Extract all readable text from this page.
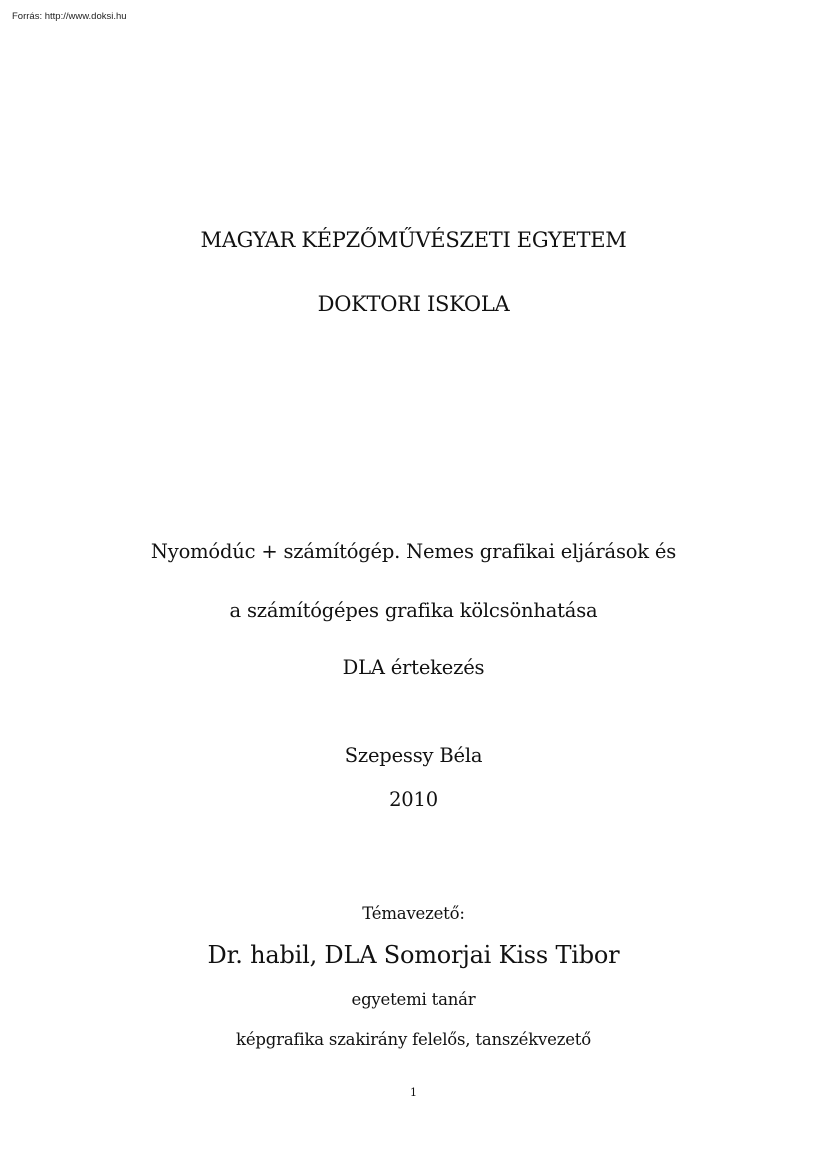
Forrás: http://www.doksi.hu
MAGYAR KÉPZŐMŰVÉSZETI EGYETEM
DOKTORI ISKOLA
Nyomódúc + számítógép. Nemes grafikai eljárások és
a számítógépes grafika kölcsönhatása
DLA értekezés
Szepessy Béla
2010
Témavezető:
Dr. habil, DLA Somorjai Kiss Tibor
egyetemi tanár
képgrafika szakirány felelős, tanszékvezető
1
